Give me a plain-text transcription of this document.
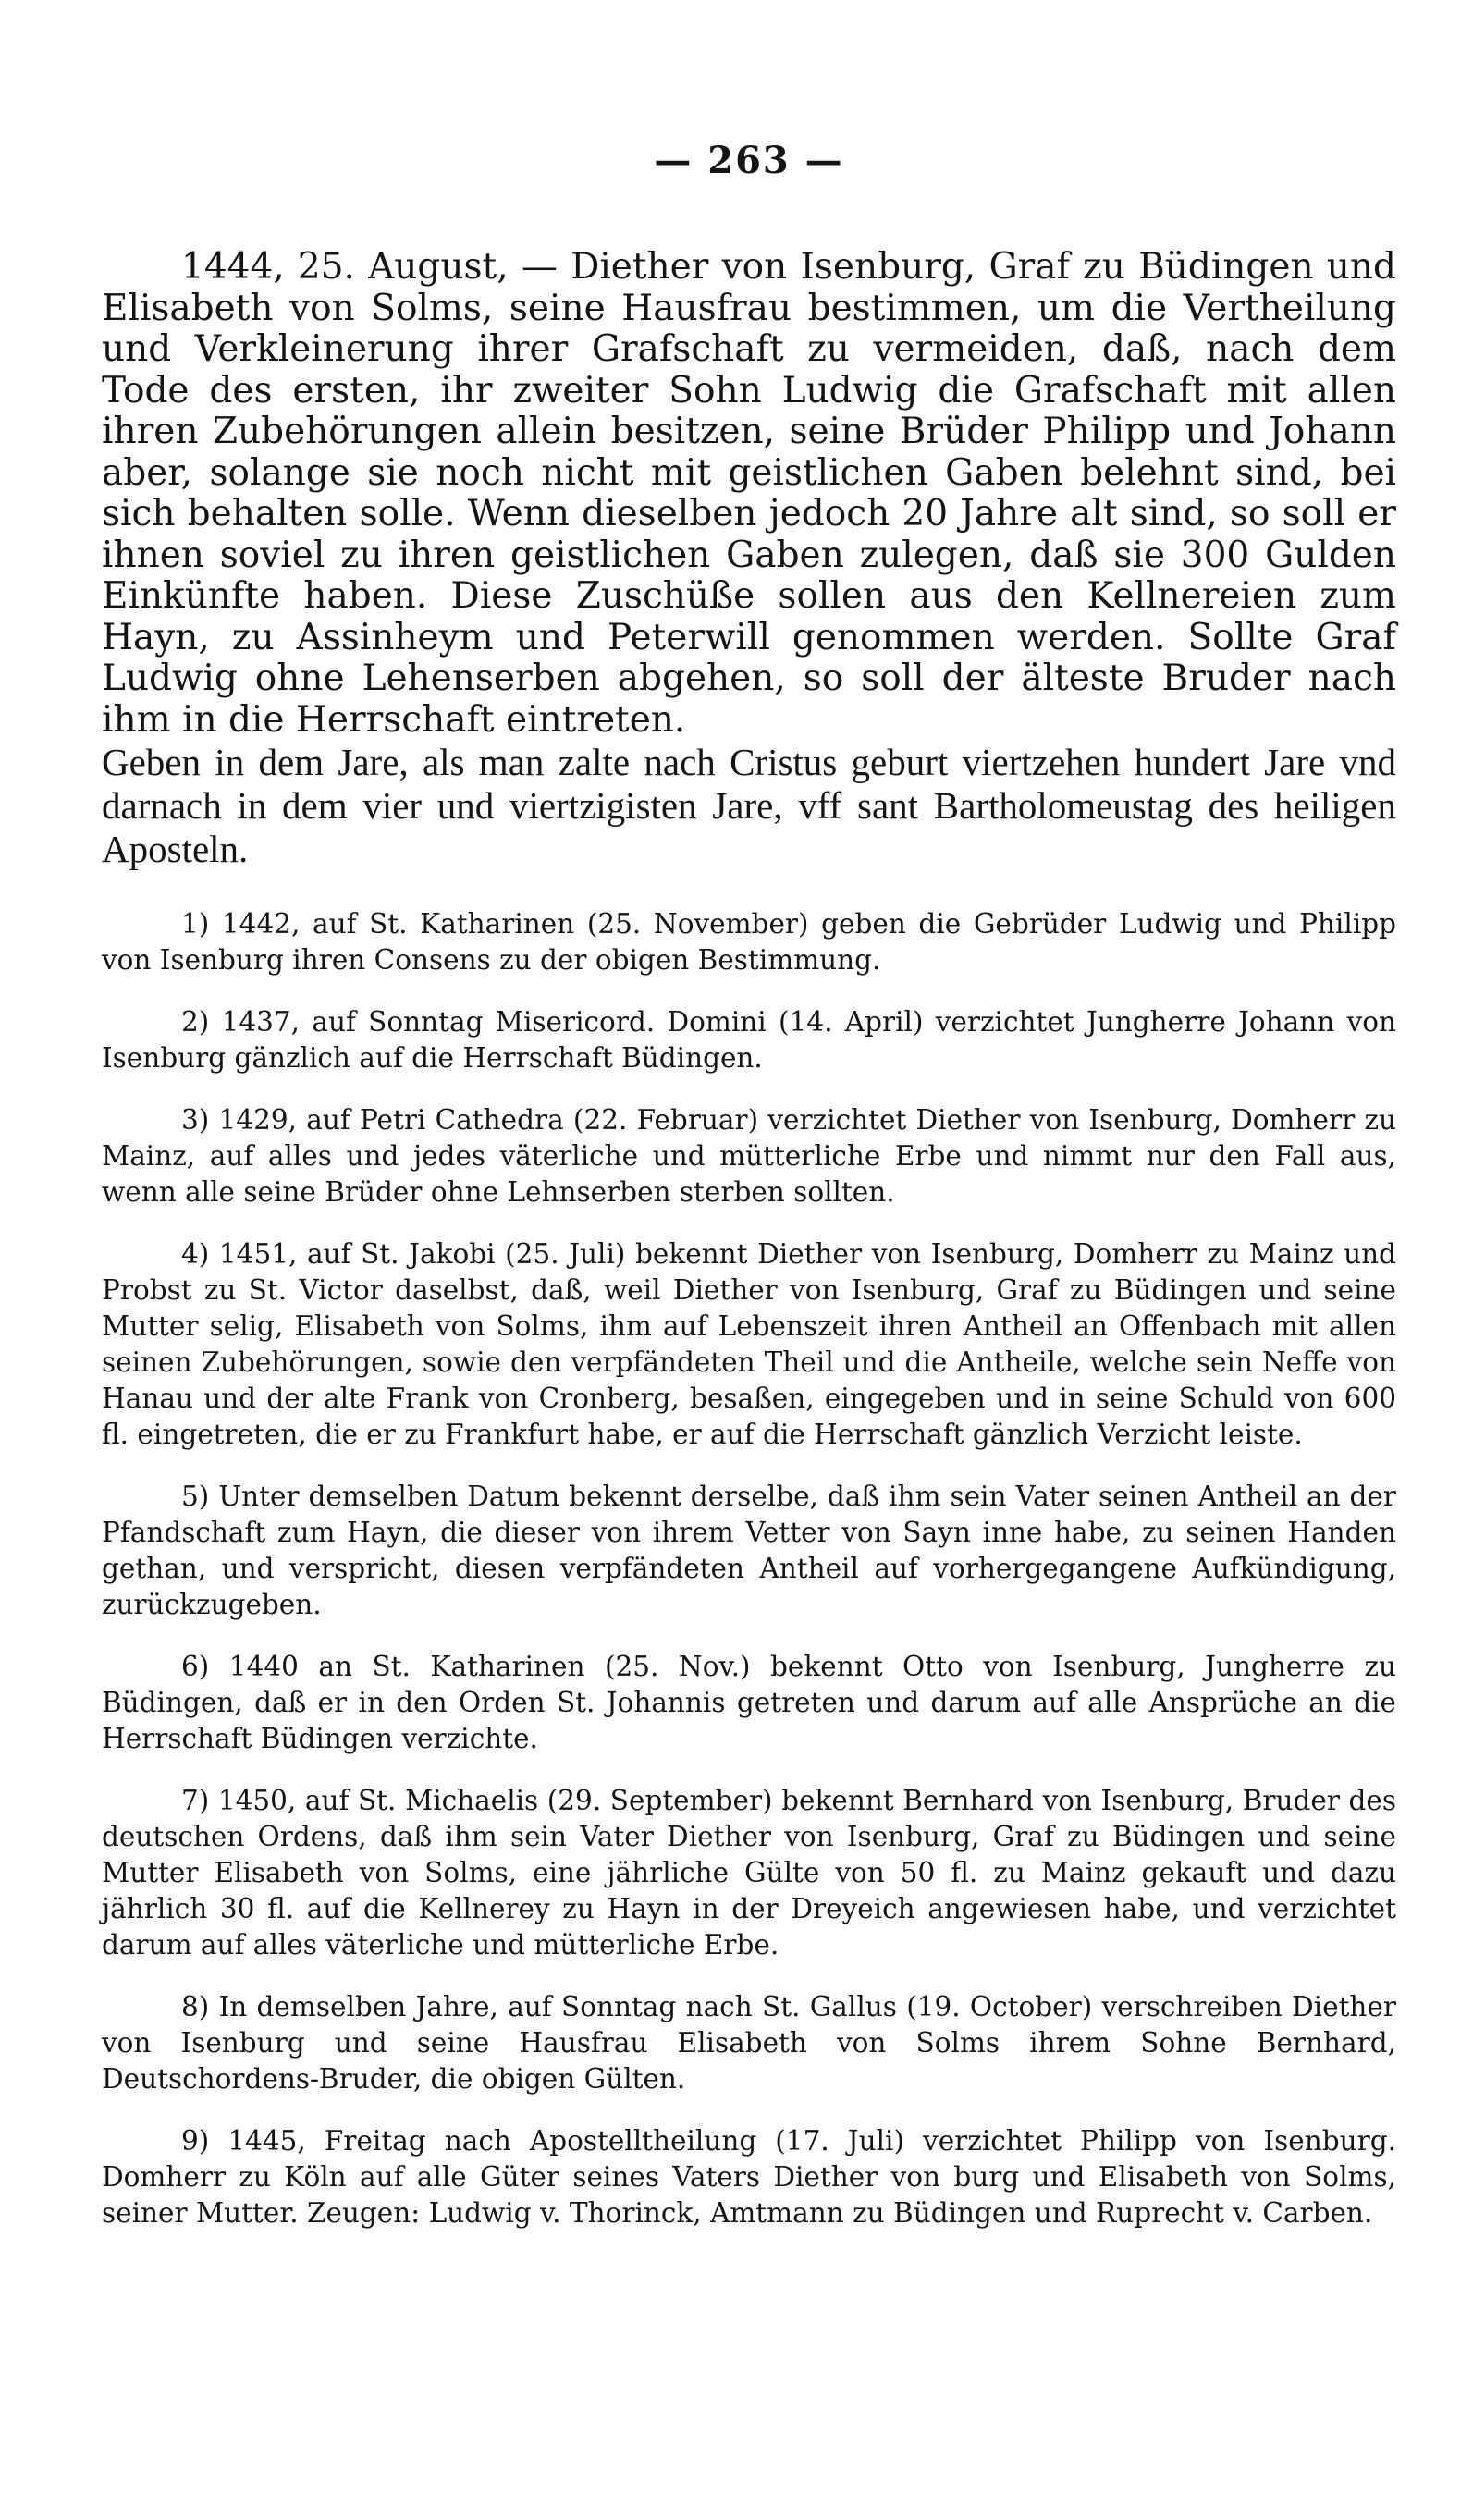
— 263 —

1444, 25. August, — Diether von Isenburg, Graf zu Büdingen und Elisabeth von Solms, seine Hausfrau bestimmen, um die Vertheilung und Verkleinerung ihrer Grafschaft zu vermeiden, daß, nach dem Tode des ersten, ihr zweiter Sohn Ludwig die Grafschaft mit allen ihren Zubehörungen allein besitzen, seine Brüder Philipp und Johann aber, solange sie noch nicht mit geistlichen Gaben belehnt sind, bei sich behalten solle. Wenn dieselben jedoch 20 Jahre alt sind, so soll er ihnen soviel zu ihren geistlichen Gaben zulegen, daß sie 300 Gulden Einkünfte haben. Diese Zuschüße sollen aus den Kellnereien zum Hayn, zu Assinheym und Peterwill genommen werden. Sollte Graf Ludwig ohne Lehenserben abgehen, so soll der älteste Bruder nach ihm in die Herrschaft eintreten.

Geben in dem Jare, als man zalte nach Cristus geburt viertzehen hundert Jare vnd darnach in dem vier und viertzigisten Jare, vff sant Bartholomeustag des heiligen Aposteln.

1) 1442, auf St. Katharinen (25. November) geben die Gebrüder Ludwig und Philipp von Isenburg ihren Consens zu der obigen Bestimmung.

2) 1437, auf Sonntag Misericord. Domini (14. April) verzichtet Jungherre Johann von Isenburg gänzlich auf die Herrschaft Büdingen.

3) 1429, auf Petri Cathedra (22. Februar) verzichtet Diether von Isenburg, Domherr zu Mainz, auf alles und jedes väterliche und mütterliche Erbe und nimmt nur den Fall aus, wenn alle seine Brüder ohne Lehnserben sterben sollten.

4) 1451, auf St. Jakobi (25. Juli) bekennt Diether von Isenburg, Domherr zu Mainz und Probst zu St. Victor daselbst, daß, weil Diether von Isenburg, Graf zu Büdingen und seine Mutter selig, Elisabeth von Solms, ihm auf Lebenszeit ihren Antheil an Offenbach mit allen seinen Zubehörungen, sowie den verpfändeten Theil und die Antheile, welche sein Neffe von Hanau und der alte Frank von Cronberg, besaßen, eingegeben und in seine Schuld von 600 fl. eingetreten, die er zu Frankfurt habe, er auf die Herrschaft gänzlich Verzicht leiste.

5) Unter demselben Datum bekennt derselbe, daß ihm sein Vater seinen Antheil an der Pfandschaft zum Hayn, die dieser von ihrem Vetter von Sayn inne habe, zu seinen Handen gethan, und verspricht, diesen verpfändeten Antheil auf vorhergegangene Aufkündigung, zurückzugeben.

6) 1440 an St. Katharinen (25. Nov.) bekennt Otto von Isenburg, Jungherre zu Büdingen, daß er in den Orden St. Johannis getreten und darum auf alle Ansprüche an die Herrschaft Büdingen verzichte.

7) 1450, auf St. Michaelis (29. September) bekennt Bernhard von Isenburg, Bruder des deutschen Ordens, daß ihm sein Vater Diether von Isenburg, Graf zu Büdingen und seine Mutter Elisabeth von Solms, eine jährliche Gülte von 50 fl. zu Mainz gekauft und dazu jährlich 30 fl. auf die Kellnerey zu Hayn in der Dreyeich angewiesen habe, und verzichtet darum auf alles väterliche und mütterliche Erbe.

8) In demselben Jahre, auf Sonntag nach St. Gallus (19. October) verschreiben Diether von Isenburg und seine Hausfrau Elisabeth von Solms ihrem Sohne Bernhard, Deutschordens-Bruder, die obigen Gülten.

9) 1445, Freitag nach Apostelltheilung (17. Juli) verzichtet Philipp von Isenburg. Domherr zu Köln auf alle Güter seines Vaters Diether von burg und Elisabeth von Solms, seiner Mutter. Zeugen: Ludwig v. Thorinck, Amtmann zu Büdingen und Ruprecht v. Carben.
